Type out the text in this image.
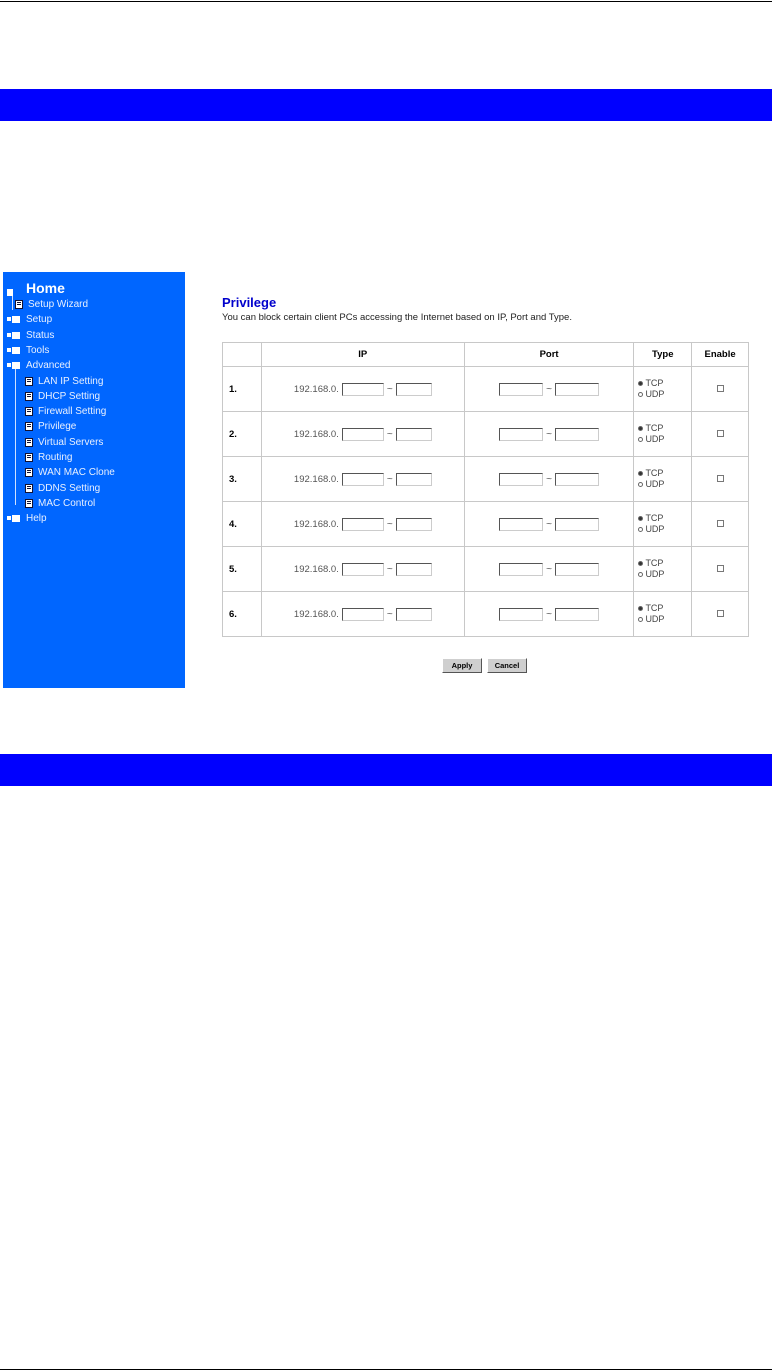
Home
Setup Wizard
Setup
Status
Tools
Advanced
LAN IP Setting
DHCP Setting
Firewall Setting
Privilege
Virtual Servers
Routing
WAN MAC Clone
DDNS Setting
MAC Control
Help
Privilege
You can block certain client PCs accessing the Internet based on IP, Port and Type.
	IP	Port	Type	Enable
1.	192.168.0. ~	~	TCP
UDP	

2.	192.168.0. ~	~	TCP
UDP	

3.	192.168.0. ~	~	TCP
UDP	

4.	192.168.0. ~	~	TCP
UDP	

5.	192.168.0. ~	~	TCP
UDP	

6.	192.168.0. ~	~	TCP
UDP	

Apply	Cancel
